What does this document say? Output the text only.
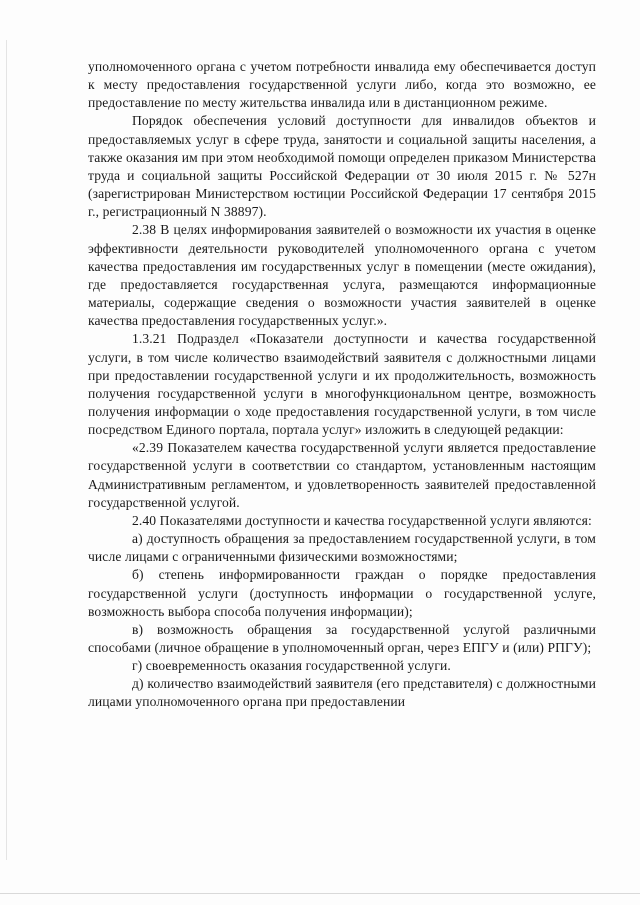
уполномоченного органа с учетом потребности инвалида ему обеспечивается доступ к месту предоставления государственной услуги либо, когда это возможно, ее предоставление по месту жительства инвалида или в дистанционном режиме.

Порядок обеспечения условий доступности для инвалидов объектов и предоставляемых услуг в сфере труда, занятости и социальной защиты населения, а также оказания им при этом необходимой помощи определен приказом Министерства труда и социальной защиты Российской Федерации от 30 июля 2015 г. № 527н (зарегистрирован Министерством юстиции Российской Федерации 17 сентября 2015 г., регистрационный N 38897).

2.38 В целях информирования заявителей о возможности их участия в оценке эффективности деятельности руководителей уполномоченного органа с учетом качества предоставления им государственных услуг в помещении (месте ожидания), где предоставляется государственная услуга, размещаются информационные материалы, содержащие сведения о возможности участия заявителей в оценке качества предоставления государственных услуг.».

1.3.21 Подраздел «Показатели доступности и качества государственной услуги, в том числе количество взаимодействий заявителя с должностными лицами при предоставлении государственной услуги и их продолжительность, возможность получения государственной услуги в многофункциональном центре, возможность получения информации о ходе предоставления государственной услуги, в том числе посредством Единого портала, портала услуг» изложить в следующей редакции:

«2.39 Показателем качества государственной услуги является предоставление государственной услуги в соответствии со стандартом, установленным настоящим Административным регламентом, и удовлетворенность заявителей предоставленной государственной услугой.

2.40 Показателями доступности и качества государственной услуги являются:

а) доступность обращения за предоставлением государственной услуги, в том числе лицами с ограниченными физическими возможностями;

б) степень информированности граждан о порядке предоставления государственной услуги (доступность информации о государственной услуге, возможность выбора способа получения информации);

в) возможность обращения за государственной услугой различными способами (личное обращение в уполномоченный орган, через ЕПГУ и (или) РПГУ);

г) своевременность оказания государственной услуги.

д) количество взаимодействий заявителя (его представителя) с должностными лицами уполномоченного органа при предоставлении
